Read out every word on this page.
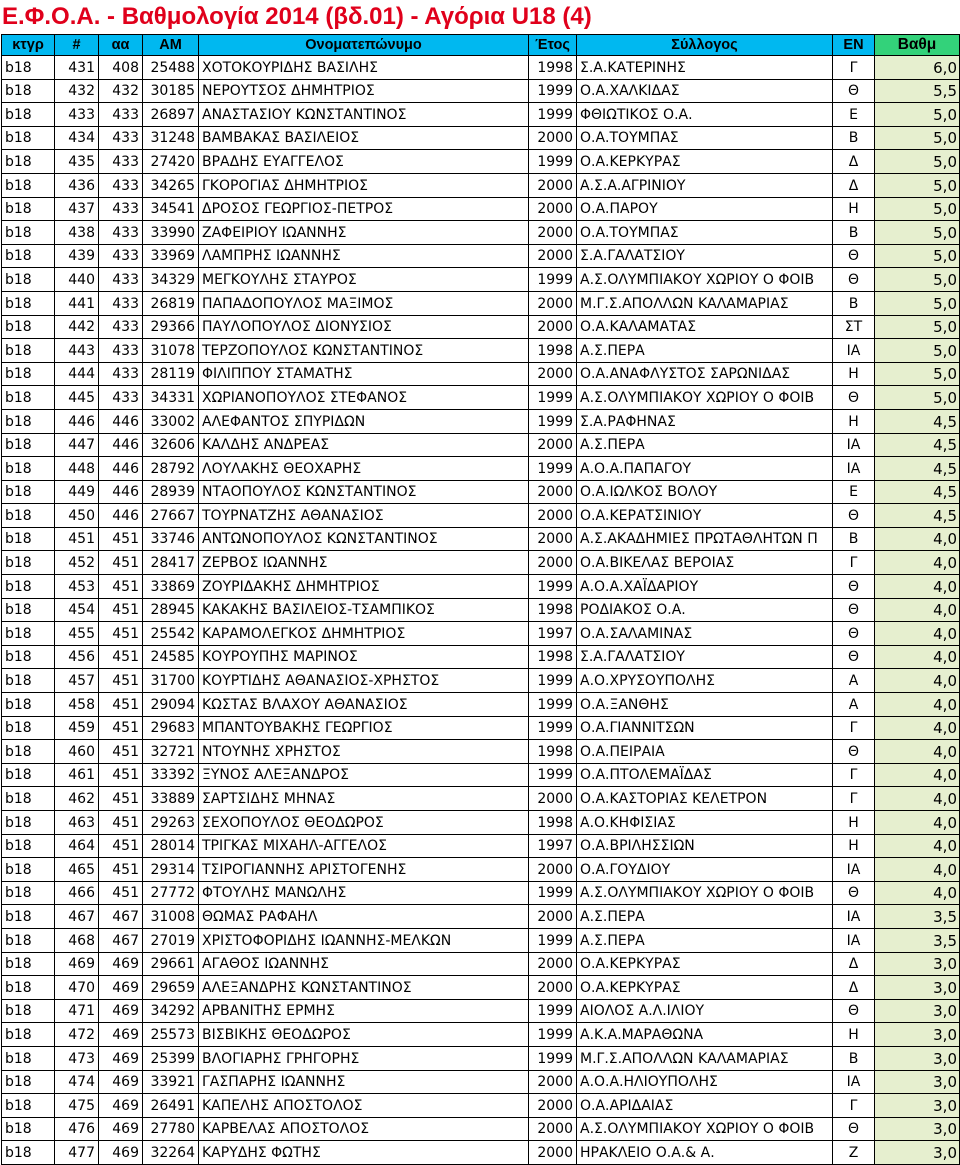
Ε.Φ.Ο.Α. - Βαθμολογία 2014 (βδ.01) - Αγόρια U18 (4)
κτγρ	#	αα	ΑΜ	Ονοματεπώνυμο	Έτος	Σύλλογος	ΕΝ	Βαθμ
b18	431	408	25488	ΧΟΤΟΚΟΥΡΙΔΗΣ ΒΑΣΙΛΗΣ	1998	Σ.Α.ΚΑΤΕΡΙΝΗΣ	Γ	6,0
b18	432	432	30185	ΝΕΡΟΥΤΣΟΣ ΔΗΜΗΤΡΙΟΣ	1999	Ο.Α.ΧΑΛΚΙΔΑΣ	Θ	5,5
b18	433	433	26897	ΑΝΑΣΤΑΣΙΟΥ ΚΩΝΣΤΑΝΤΙΝΟΣ	1999	ΦΘΙΩΤΙΚΟΣ Ο.Α.	Ε	5,0
b18	434	433	31248	ΒΑΜΒΑΚΑΣ ΒΑΣΙΛΕΙΟΣ	2000	Ο.Α.ΤΟΥΜΠΑΣ	Β	5,0
b18	435	433	27420	ΒΡΑΔΗΣ ΕΥΑΓΓΕΛΟΣ	1999	Ο.Α.ΚΕΡΚΥΡΑΣ	Δ	5,0
b18	436	433	34265	ΓΚΟΡΟΓΙΑΣ ΔΗΜΗΤΡΙΟΣ	2000	Α.Σ.Α.ΑΓΡΙΝΙΟΥ	Δ	5,0
b18	437	433	34541	ΔΡΟΣΟΣ ΓΕΩΡΓΙΟΣ-ΠΕΤΡΟΣ	2000	Ο.Α.ΠΑΡΟΥ	Η	5,0
b18	438	433	33990	ΖΑΦΕΙΡΙΟΥ ΙΩΑΝΝΗΣ	2000	Ο.Α.ΤΟΥΜΠΑΣ	Β	5,0
b18	439	433	33969	ΛΑΜΠΡΗΣ ΙΩΑΝΝΗΣ	2000	Σ.Α.ΓΑΛΑΤΣΙΟΥ	Θ	5,0
b18	440	433	34329	ΜΕΓΚΟΥΛΗΣ ΣΤΑΥΡΟΣ	1999	Α.Σ.ΟΛΥΜΠΙΑΚΟΥ ΧΩΡΙΟΥ Ο ΦΟΙΒ	Θ	5,0
b18	441	433	26819	ΠΑΠΑΔΟΠΟΥΛΟΣ ΜΑΞΙΜΟΣ	2000	Μ.Γ.Σ.ΑΠΟΛΛΩΝ ΚΑΛΑΜΑΡΙΑΣ	Β	5,0
b18	442	433	29366	ΠΑΥΛΟΠΟΥΛΟΣ ΔΙΟΝΥΣΙΟΣ	2000	Ο.Α.ΚΑΛΑΜΑΤΑΣ	ΣΤ	5,0
b18	443	433	31078	ΤΕΡΖΟΠΟΥΛΟΣ ΚΩΝΣΤΑΝΤΙΝΟΣ	1998	Α.Σ.ΠΕΡΑ	ΙΑ	5,0
b18	444	433	28119	ΦΙΛΙΠΠΟΥ ΣΤΑΜΑΤΗΣ	2000	Ο.Α.ΑΝΑΦΛΥΣΤΟΣ ΣΑΡΩΝΙΔΑΣ	Η	5,0
b18	445	433	34331	ΧΩΡΙΑΝΟΠΟΥΛΟΣ ΣΤΕΦΑΝΟΣ	1999	Α.Σ.ΟΛΥΜΠΙΑΚΟΥ ΧΩΡΙΟΥ Ο ΦΟΙΒ	Θ	5,0
b18	446	446	33002	ΑΛΕΦΑΝΤΟΣ ΣΠΥΡΙΔΩΝ	1999	Σ.Α.ΡΑΦΗΝΑΣ	Η	4,5
b18	447	446	32606	ΚΑΛΔΗΣ ΑΝΔΡΕΑΣ	2000	Α.Σ.ΠΕΡΑ	ΙΑ	4,5
b18	448	446	28792	ΛΟΥΛΑΚΗΣ ΘΕΟΧΑΡΗΣ	1999	Α.Ο.Α.ΠΑΠΑΓΟΥ	ΙΑ	4,5
b18	449	446	28939	ΝΤΑΟΠΟΥΛΟΣ ΚΩΝΣΤΑΝΤΙΝΟΣ	2000	Ο.Α.ΙΩΛΚΟΣ ΒΟΛΟΥ	Ε	4,5
b18	450	446	27667	ΤΟΥΡΝΑΤΖΗΣ ΑΘΑΝΑΣΙΟΣ	2000	Ο.Α.ΚΕΡΑΤΣΙΝΙΟΥ	Θ	4,5
b18	451	451	33746	ΑΝΤΩΝΟΠΟΥΛΟΣ ΚΩΝΣΤΑΝΤΙΝΟΣ	2000	Α.Σ.ΑΚΑΔΗΜΙΕΣ ΠΡΩΤΑΘΛΗΤΩΝ Π	Β	4,0
b18	452	451	28417	ΖΕΡΒΟΣ ΙΩΑΝΝΗΣ	2000	Ο.Α.ΒΙΚΕΛΑΣ ΒΕΡΟΙΑΣ	Γ	4,0
b18	453	451	33869	ΖΟΥΡΙΔΑΚΗΣ ΔΗΜΗΤΡΙΟΣ	1999	Α.Ο.Α.ΧΑΪΔΑΡΙΟΥ	Θ	4,0
b18	454	451	28945	ΚΑΚΑΚΗΣ ΒΑΣΙΛΕΙΟΣ-ΤΣΑΜΠΙΚΟΣ	1998	ΡΟΔΙΑΚΟΣ Ο.Α.	Θ	4,0
b18	455	451	25542	ΚΑΡΑΜΟΛΕΓΚΟΣ ΔΗΜΗΤΡΙΟΣ	1997	Ο.Α.ΣΑΛΑΜΙΝΑΣ	Θ	4,0
b18	456	451	24585	ΚΟΥΡΟΥΠΗΣ ΜΑΡΙΝΟΣ	1998	Σ.Α.ΓΑΛΑΤΣΙΟΥ	Θ	4,0
b18	457	451	31700	ΚΟΥΡΤΙΔΗΣ ΑΘΑΝΑΣΙΟΣ-ΧΡΗΣΤΟΣ	1999	Α.Ο.ΧΡΥΣΟΥΠΟΛΗΣ	Α	4,0
b18	458	451	29094	ΚΩΣΤΑΣ ΒΛΑΧΟΥ ΑΘΑΝΑΣΙΟΣ	1999	Ο.Α.ΞΑΝΘΗΣ	Α	4,0
b18	459	451	29683	ΜΠΑΝΤΟΥΒΑΚΗΣ ΓΕΩΡΓΙΟΣ	1999	Ο.Α.ΓΙΑΝΝΙΤΣΩΝ	Γ	4,0
b18	460	451	32721	ΝΤΟΥΝΗΣ ΧΡΗΣΤΟΣ	1998	Ο.Α.ΠΕΙΡΑΙΑ	Θ	4,0
b18	461	451	33392	ΞΥΝΟΣ ΑΛΕΞΑΝΔΡΟΣ	1999	Ο.Α.ΠΤΟΛΕΜΑΪΔΑΣ	Γ	4,0
b18	462	451	33889	ΣΑΡΤΣΙΔΗΣ ΜΗΝΑΣ	2000	Ο.Α.ΚΑΣΤΟΡΙΑΣ ΚΕΛΕΤΡΟΝ	Γ	4,0
b18	463	451	29263	ΣΕΧΟΠΟΥΛΟΣ ΘΕΟΔΩΡΟΣ	1998	Α.Ο.ΚΗΦΙΣΙΑΣ	Η	4,0
b18	464	451	28014	ΤΡΙΓΚΑΣ ΜΙΧΑΗΛ-ΑΓΓΕΛΟΣ	1997	Ο.Α.ΒΡΙΛΗΣΣΙΩΝ	Η	4,0
b18	465	451	29314	ΤΣΙΡΟΓΙΑΝΝΗΣ ΑΡΙΣΤΟΓΕΝΗΣ	2000	Ο.Α.ΓΟΥΔΙΟΥ	ΙΑ	4,0
b18	466	451	27772	ΦΤΟΥΛΗΣ ΜΑΝΩΛΗΣ	1999	Α.Σ.ΟΛΥΜΠΙΑΚΟΥ ΧΩΡΙΟΥ Ο ΦΟΙΒ	Θ	4,0
b18	467	467	31008	ΘΩΜΑΣ ΡΑΦΑΗΛ	2000	Α.Σ.ΠΕΡΑ	ΙΑ	3,5
b18	468	467	27019	ΧΡΙΣΤΟΦΟΡΙΔΗΣ ΙΩΑΝΝΗΣ-ΜΕΛΚΩΝ	1999	Α.Σ.ΠΕΡΑ	ΙΑ	3,5
b18	469	469	29661	ΑΓΑΘΟΣ ΙΩΑΝΝΗΣ	2000	Ο.Α.ΚΕΡΚΥΡΑΣ	Δ	3,0
b18	470	469	29659	ΑΛΕΞΑΝΔΡΗΣ ΚΩΝΣΤΑΝΤΙΝΟΣ	2000	Ο.Α.ΚΕΡΚΥΡΑΣ	Δ	3,0
b18	471	469	34292	ΑΡΒΑΝΙΤΗΣ ΕΡΜΗΣ	1999	ΑΙΟΛΟΣ Α.Λ.ΙΛΙΟΥ	Θ	3,0
b18	472	469	25573	ΒΙΣΒΙΚΗΣ ΘΕΟΔΩΡΟΣ	1999	Α.Κ.Α.ΜΑΡΑΘΩΝΑ	Η	3,0
b18	473	469	25399	ΒΛΟΓΙΑΡΗΣ ΓΡΗΓΟΡΗΣ	1999	Μ.Γ.Σ.ΑΠΟΛΛΩΝ ΚΑΛΑΜΑΡΙΑΣ	Β	3,0
b18	474	469	33921	ΓΑΣΠΑΡΗΣ ΙΩΑΝΝΗΣ	2000	Α.Ο.Α.ΗΛΙΟΥΠΟΛΗΣ	ΙΑ	3,0
b18	475	469	26491	ΚΑΠΕΛΗΣ ΑΠΟΣΤΟΛΟΣ	2000	Ο.Α.ΑΡΙΔΑΙΑΣ	Γ	3,0
b18	476	469	27780	ΚΑΡΒΕΛΑΣ ΑΠΟΣΤΟΛΟΣ	2000	Α.Σ.ΟΛΥΜΠΙΑΚΟΥ ΧΩΡΙΟΥ Ο ΦΟΙΒ	Θ	3,0
b18	477	469	32264	ΚΑΡΥΔΗΣ ΦΩΤΗΣ	2000	ΗΡΑΚΛΕΙΟ Ο.Α.& Α.	Ζ	3,0
